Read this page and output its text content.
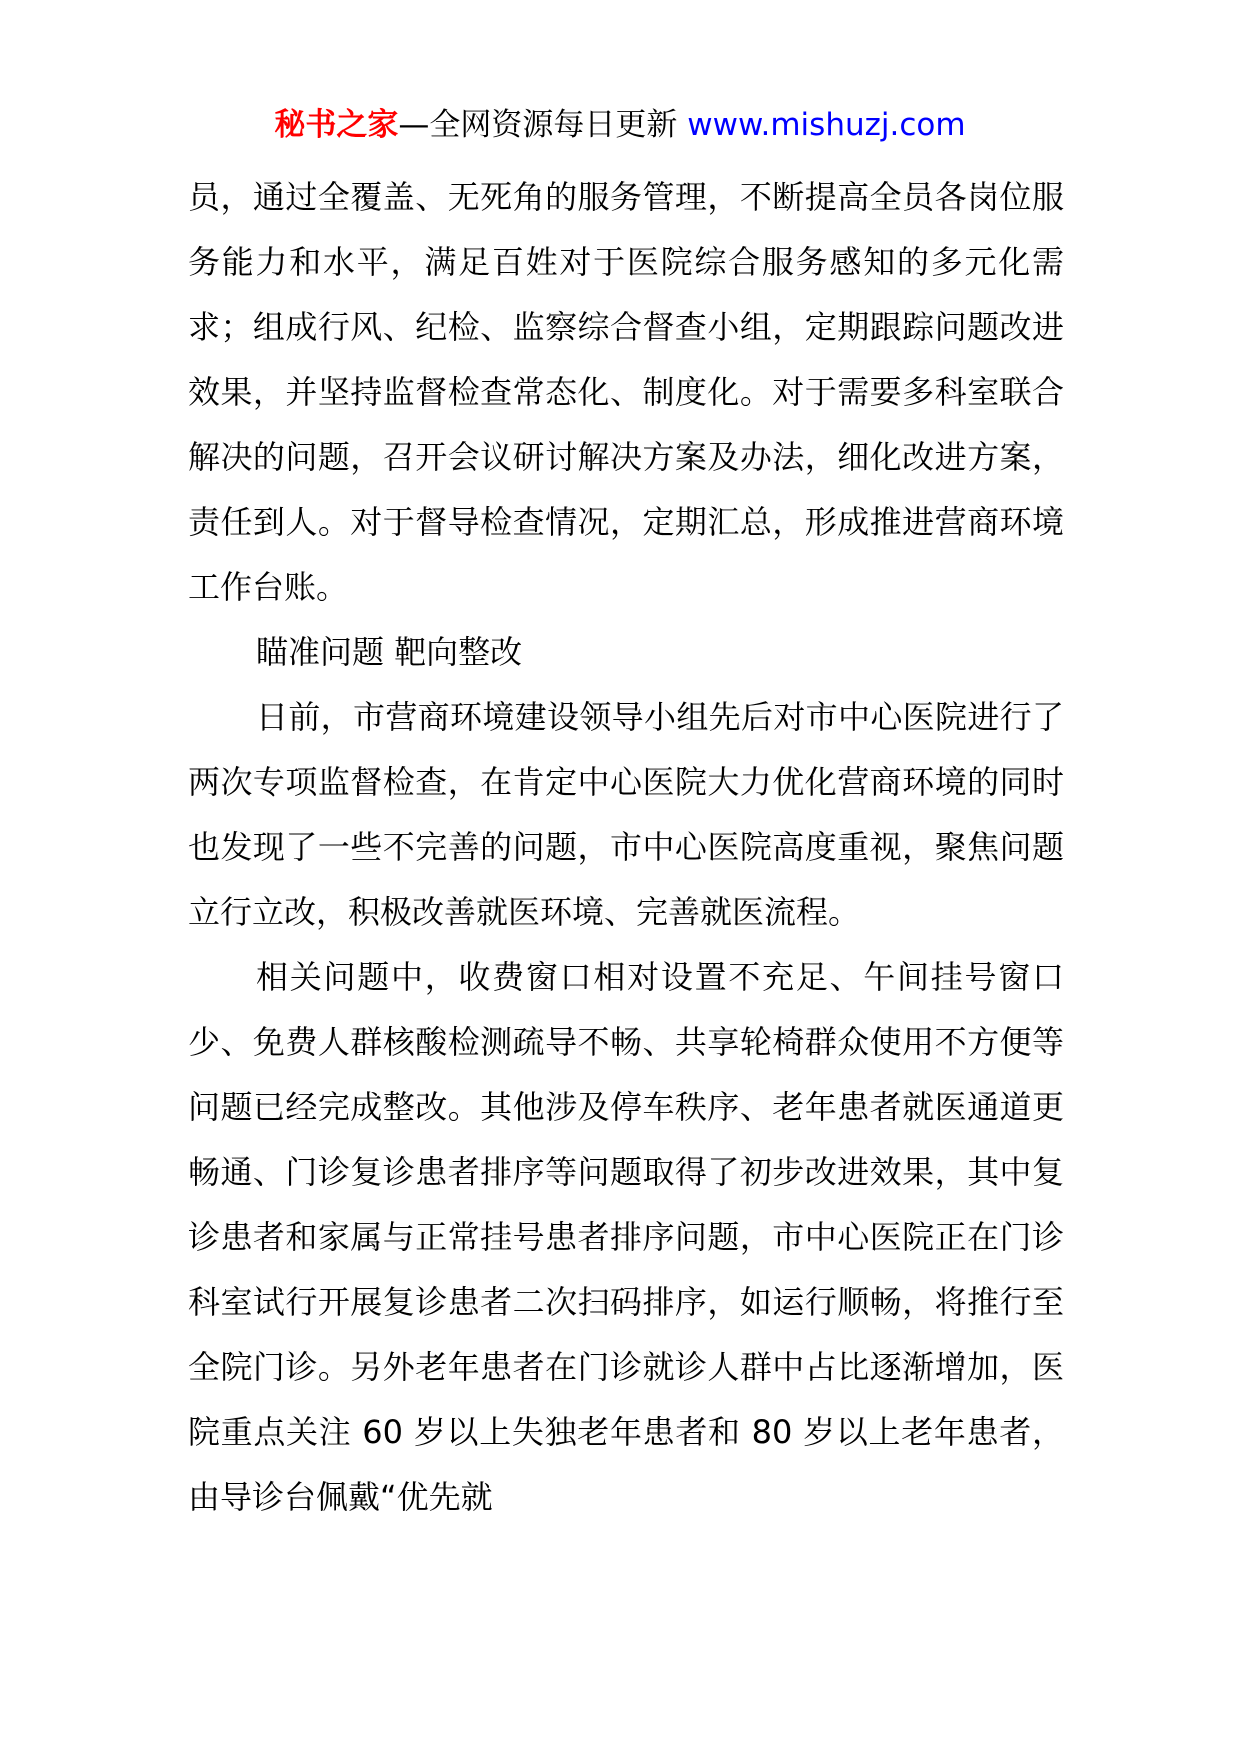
秘书之家—全网资源每日更新 www.mishuzj.com

员，通过全覆盖、无死角的服务管理，不断提高全员各岗位服务能力和水平，满足百姓对于医院综合服务感知的多元化需求；组成行风、纪检、监察综合督查小组，定期跟踪问题改进效果，并坚持监督检查常态化、制度化。对于需要多科室联合解决的问题，召开会议研讨解决方案及办法，细化改进方案，责任到人。对于督导检查情况，定期汇总，形成推进营商环境工作台账。

瞄准问题 靶向整改

日前，市营商环境建设领导小组先后对市中心医院进行了两次专项监督检查，在肯定中心医院大力优化营商环境的同时也发现了一些不完善的问题，市中心医院高度重视，聚焦问题立行立改，积极改善就医环境、完善就医流程。

相关问题中，收费窗口相对设置不充足、午间挂号窗口少、免费人群核酸检测疏导不畅、共享轮椅群众使用不方便等问题已经完成整改。其他涉及停车秩序、老年患者就医通道更畅通、门诊复诊患者排序等问题取得了初步改进效果，其中复诊患者和家属与正常挂号患者排序问题，市中心医院正在门诊科室试行开展复诊患者二次扫码排序，如运行顺畅，将推行至全院门诊。另外老年患者在门诊就诊人群中占比逐渐增加，医院重点关注 60 岁以上失独老年患者和 80 岁以上老年患者，由导诊台佩戴“优先就
